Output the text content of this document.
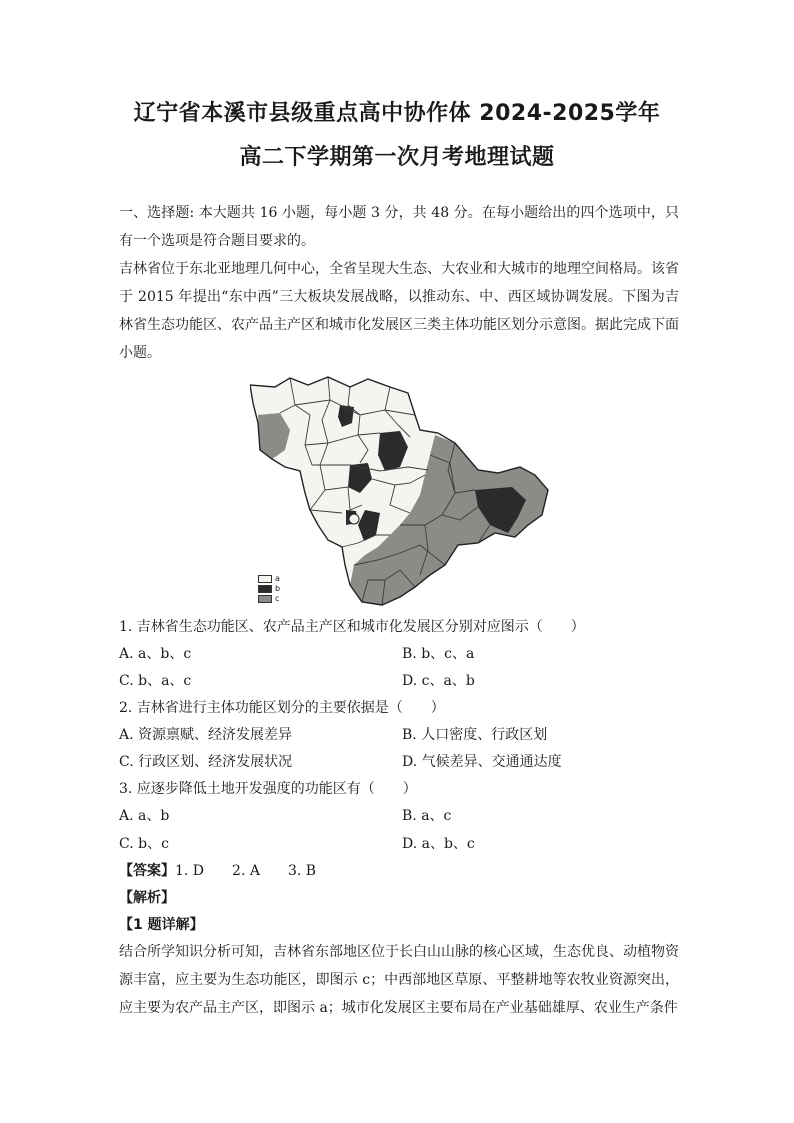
辽宁省本溪市县级重点高中协作体 2024-2025学年
高二下学期第一次月考地理试题
一、选择题: 本大题共 16 小题，每小题 3 分，共 48 分。在每小题给出的四个选项中，只有一个选项是符合题目要求的。
吉林省位于东北亚地理几何中心，全省呈现大生态、大农业和大城市的地理空间格局。该省于 2015 年提出“东中西”三大板块发展战略，以推动东、中、西区域协调发展。下图为吉林省生态功能区、农产品主产区和城市化发展区三类主体功能区划分示意图。据此完成下面小题。
a
b
c
1. 吉林省生态功能区、农产品主产区和城市化发展区分别对应图示（　　）
A. a、b、c	B. b、c、a
C. b、a、c	D. c、a、b
2. 吉林省进行主体功能区划分的主要依据是（　　）
A. 资源禀赋、经济发展差异	B. 人口密度、行政区划
C. 行政区划、经济发展状况	D. 气候差异、交通通达度
3. 应逐步降低土地开发强度的功能区有（　　）
A. a、b	B. a、c
C. b、c	D. a、b、c
【答案】1. D　　2. A　　3. B
【解析】
【1 题详解】
结合所学知识分析可知，吉林省东部地区位于长白山山脉的核心区域，生态优良、动植物资源丰富，应主要为生态功能区，即图示 c；中西部地区草原、平整耕地等农牧业资源突出，应主要为农产品主产区，即图示 a；城市化发展区主要布局在产业基础雄厚、农业生产条件
